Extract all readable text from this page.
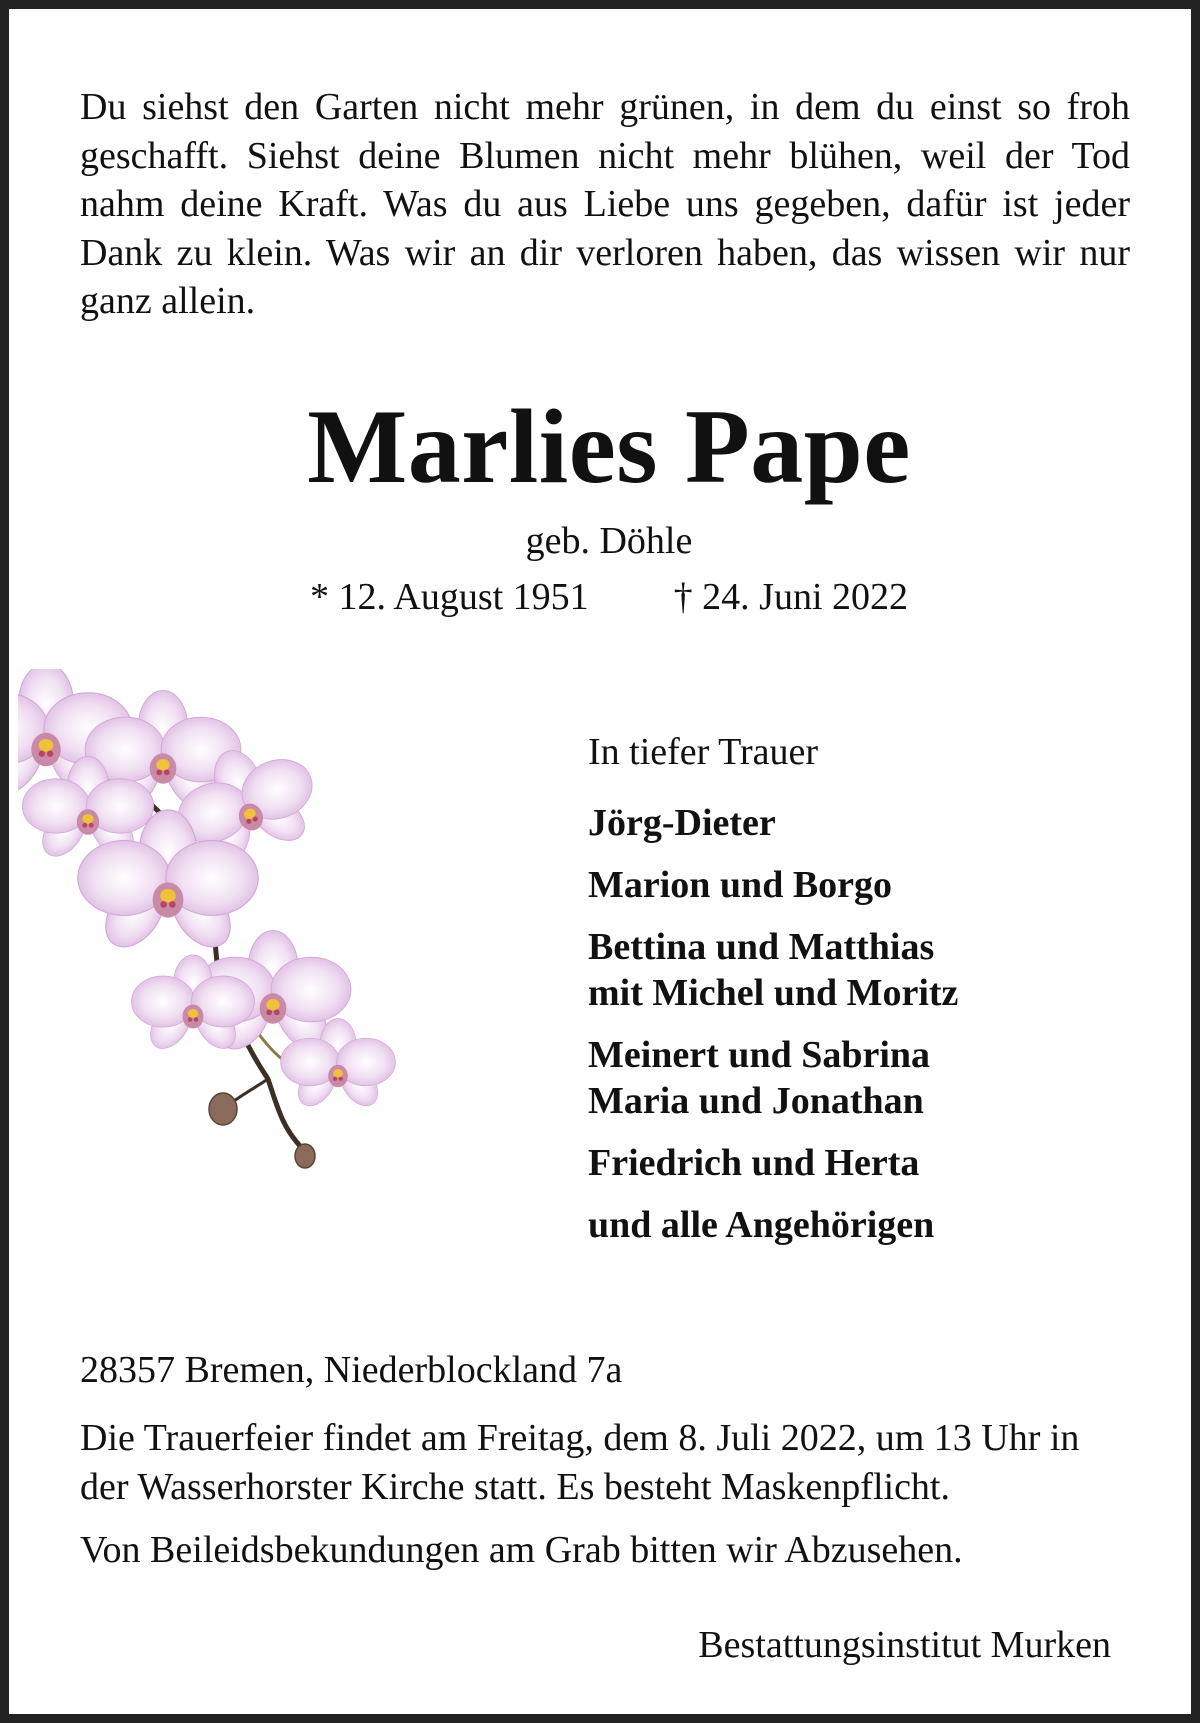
Du siehst den Garten nicht mehr grünen, in dem du einst so froh geschafft. Siehst deine Blumen nicht mehr blühen, weil der Tod nahm deine Kraft. Was du aus Liebe uns gegeben, dafür ist jeder Dank zu klein. Was wir an dir verloren haben, das wissen wir nur ganz allein.

Marlies Pape
geb. Döhle
* 12. August 1951 † 24. Juni 2022

In tiefer Trauer

Jörg-Dieter

Marion und Borgo

Bettina und Matthias
mit Michel und Moritz

Meinert und Sabrina
Maria und Jonathan

Friedrich und Herta

und alle Angehörigen

28357 Bremen, Niederblockland 7a

Die Trauerfeier findet am Freitag, dem 8. Juli 2022, um 13 Uhr in der Wasserhorster Kirche statt. Es besteht Maskenpflicht.

Von Beileidsbekundungen am Grab bitten wir Abzusehen.

Bestattungsinstitut Murken
